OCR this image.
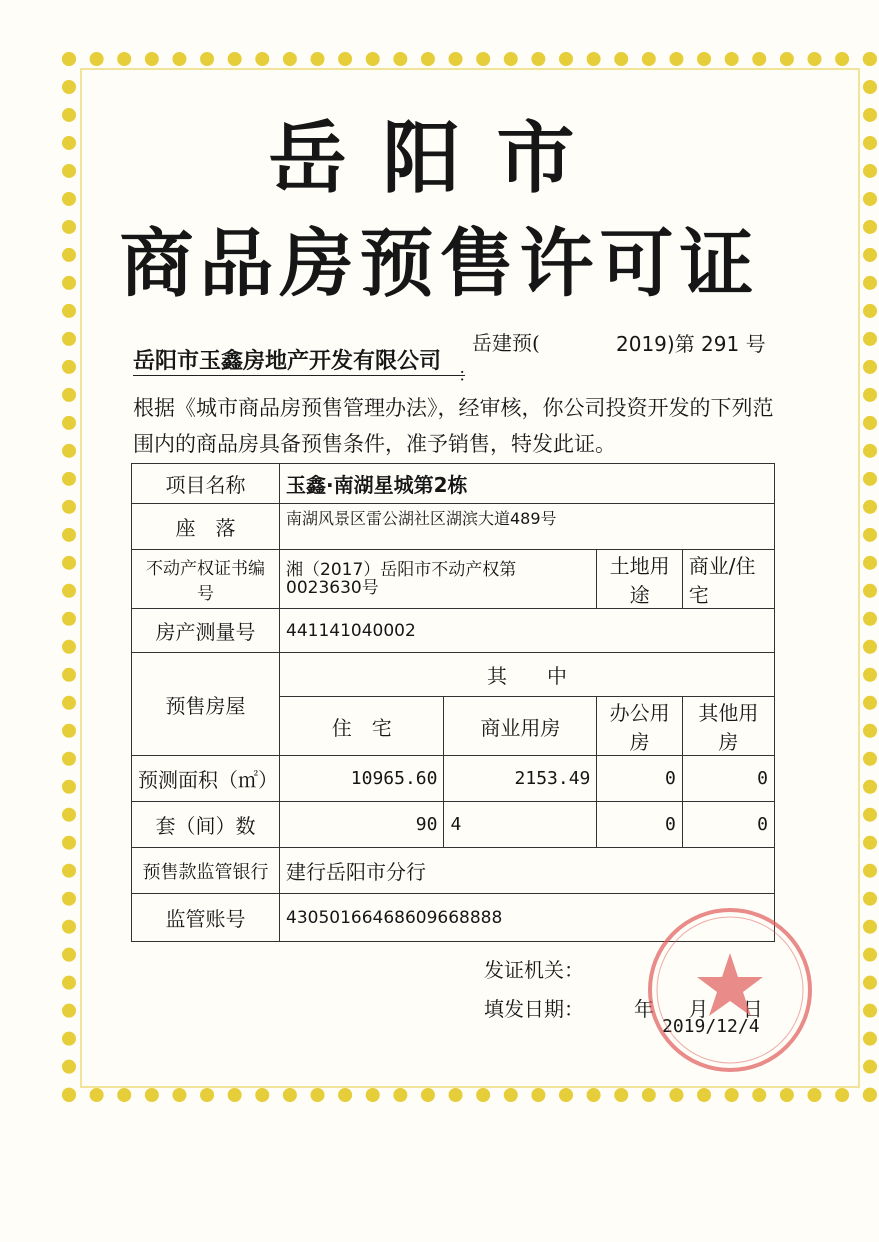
岳阳市
商品房预售许可证
岳建预(	2019)第 291 号
岳阳市玉鑫房地产开发有限公司
：
根据《城市商品房预售管理办法》，经审核，你公司投资开发的下列范围内的商品房具备预售条件，准予销售，特发此证。
项目名称	玉鑫·南湖星城第2栋			
座　落	南湖风景区雷公湖社区湖滨大道489号			
不动产权证书编号	湘（2017）岳阳市不动产权第0023630号		土地用途	商业/住宅
房产测量号	441141040002			
预售房屋	其　　中			
	住　宅	商业用房	办公用房	其他用房
预测面积（㎡）	10965.60	2153.49	0	0
套（间）数	90	4	0	0
预售款监管银行	建行岳阳市分行			
监管账号	43050166468609668888			
发证机关：
填发日期：	年 月 日
2019/12/4
